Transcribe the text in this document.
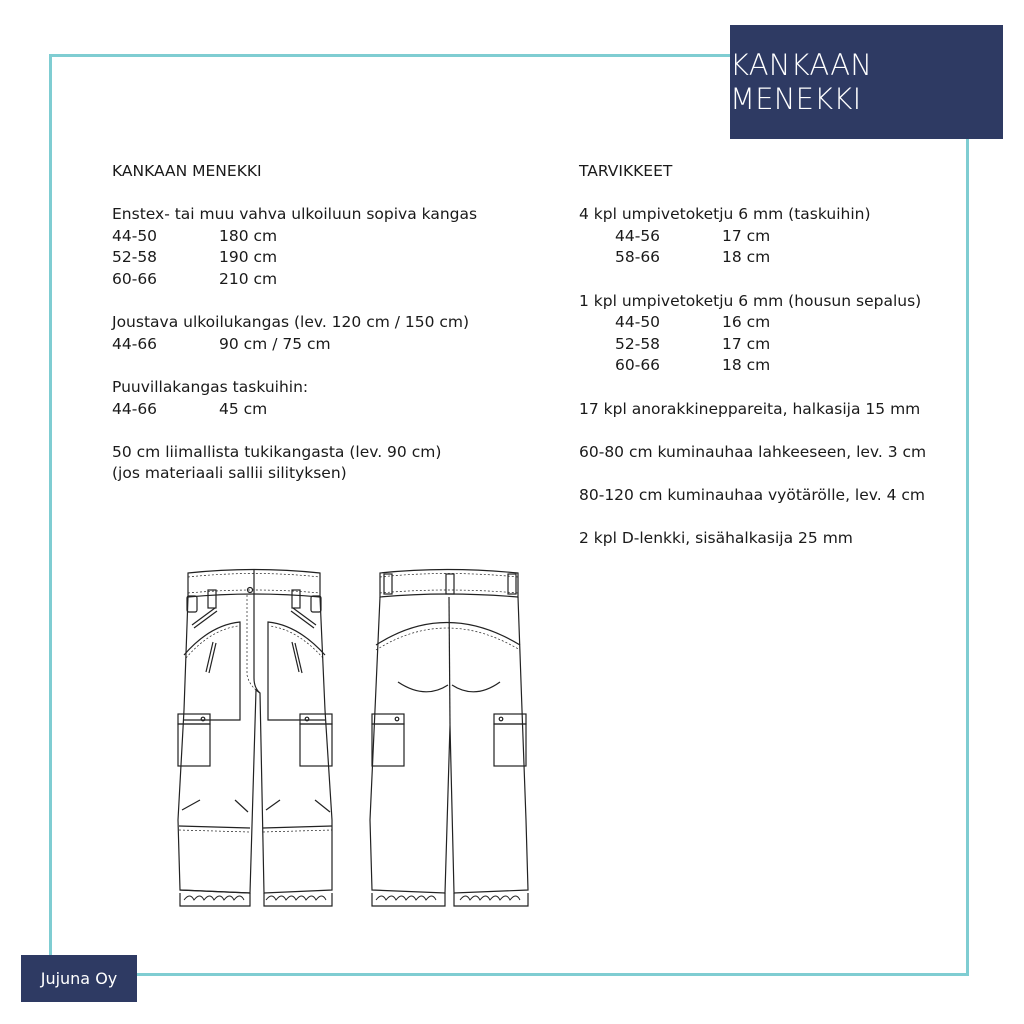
KANKAAN MENEKKI
KANKAAN MENEKKI
Enstex- tai muu vahva ulkoiluun sopiva kangas
44-50	180 cm
52-58	190 cm
60-66	210 cm
Joustava ulkoilukangas (lev. 120 cm / 150 cm)
44-66	90 cm / 75 cm
Puuvillakangas taskuihin:
44-66	45 cm
50 cm liimallista tukikangasta (lev. 90 cm)
(jos materiaali sallii silityksen)
TARVIKKEET
4 kpl umpivetoketju 6 mm (taskuihin)
44-56	17 cm
58-66	18 cm
1 kpl umpivetoketju 6 mm (housun sepalus)
44-50	16 cm
52-58	17 cm
60-66	18 cm
17 kpl anorakkineppareita, halkasija 15 mm
60-80 cm kuminauhaa lahkeeseen, lev. 3 cm
80-120 cm kuminauhaa vyötärölle, lev. 4 cm
2 kpl D-lenkki, sisähalkasija 25 mm
Jujuna Oy
